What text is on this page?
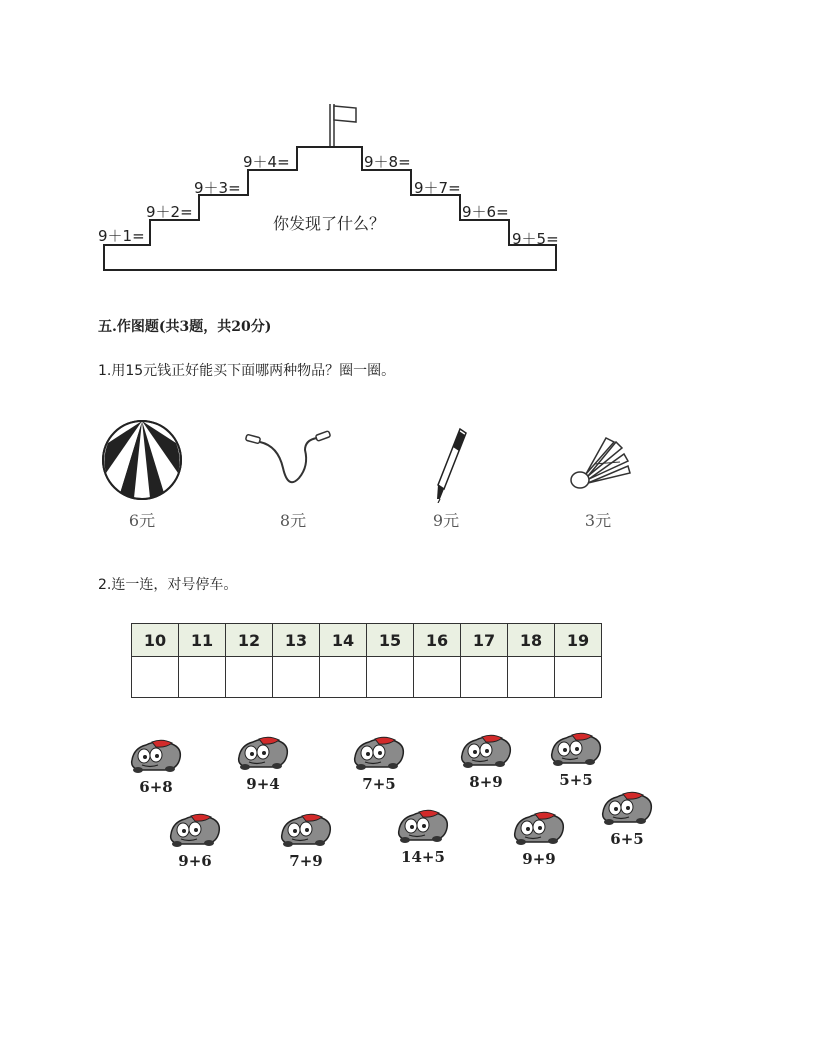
9＋1=
9＋2=
9＋3=
9＋4=	9＋8=
9＋7=
9＋6=
9＋5=
你发现了什么？
五.作图题(共3题，共20分)
1.用15元钱正好能买下面哪两种物品？圈一圈。
6元	8元	9元	3元
2.连一连，对号停车。
10	11	12	13	14	15	16	17	18	19

6+8	9+4	7+5	8+9	5+5
9+6	7+9	14+5	9+9
6+5
